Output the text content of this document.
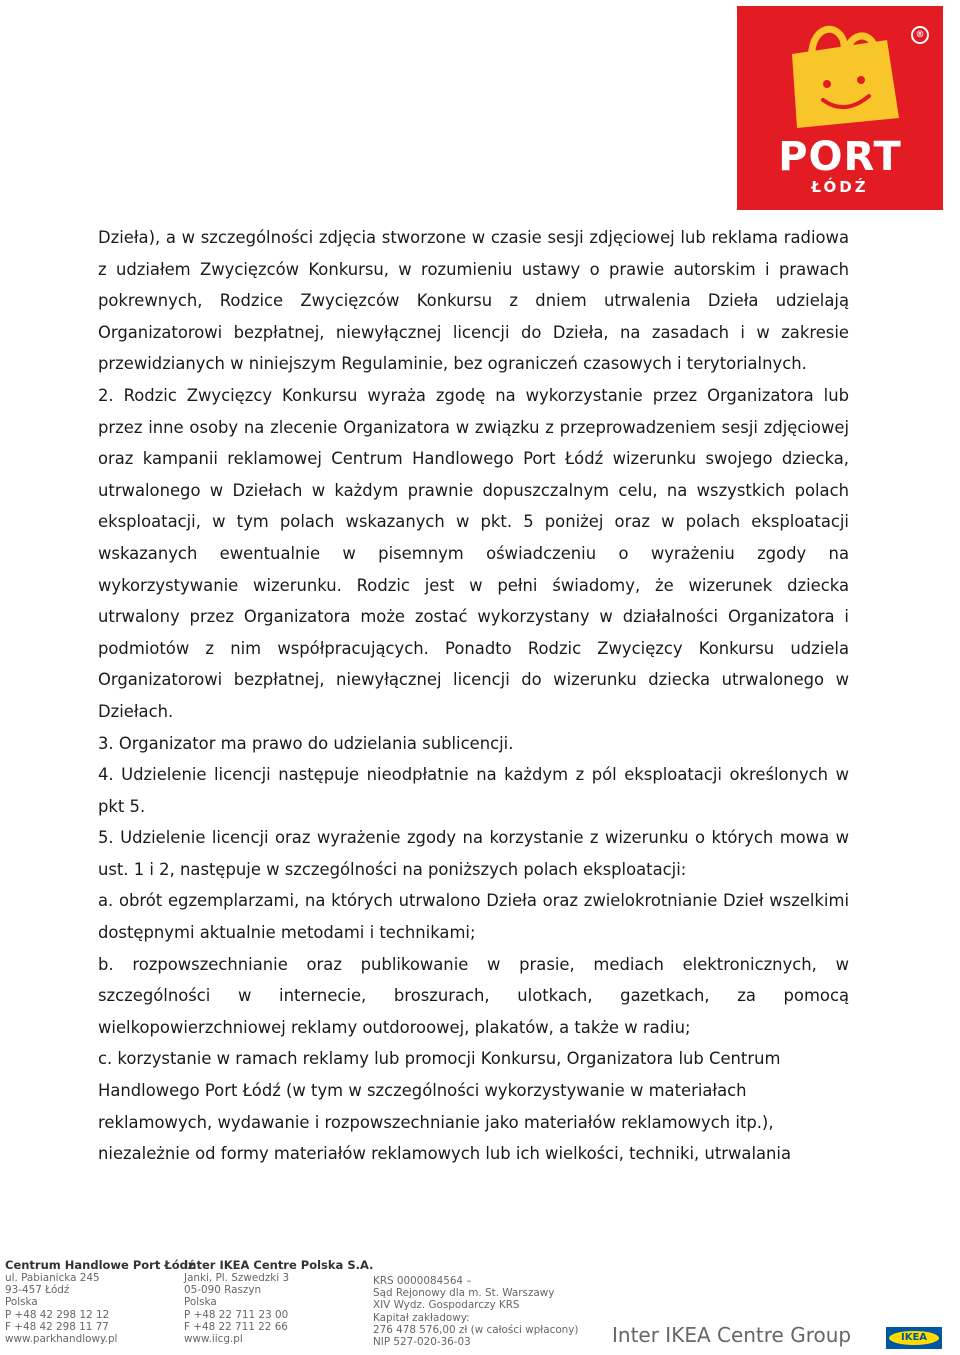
®
PORT
ŁÓDŹ

Dzieła), a w szczególności zdjęcia stworzone w czasie sesji zdjęciowej lub reklama radiowa z udziałem Zwycięzców Konkursu, w rozumieniu ustawy o prawie autorskim i prawach pokrewnych, Rodzice Zwycięzców Konkursu z dniem utrwalenia Dzieła udzielają Organizatorowi bezpłatnej, niewyłącznej licencji do Dzieła, na zasadach i w zakresie przewidzianych w niniejszym Regulaminie, bez ograniczeń czasowych i terytorialnych.

2. Rodzic Zwycięzcy Konkursu wyraża zgodę na wykorzystanie przez Organizatora lub przez inne osoby na zlecenie Organizatora w związku z przeprowadzeniem sesji zdjęciowej oraz kampanii reklamowej Centrum Handlowego Port Łódź wizerunku swojego dziecka, utrwalonego w Dziełach w każdym prawnie dopuszczalnym celu, na wszystkich polach eksploatacji, w tym polach wskazanych w pkt. 5 poniżej oraz w polach eksploatacji wskazanych ewentualnie w pisemnym oświadczeniu o wyrażeniu zgody na wykorzystywanie wizerunku. Rodzic jest w pełni świadomy, że wizerunek dziecka utrwalony przez Organizatora może zostać wykorzystany w działalności Organizatora i podmiotów z nim współpracujących. Ponadto Rodzic Zwycięzcy Konkursu udziela Organizatorowi bezpłatnej, niewyłącznej licencji do wizerunku dziecka utrwalonego w Dziełach.

3. Organizator ma prawo do udzielania sublicencji.

4. Udzielenie licencji następuje nieodpłatnie na każdym z pól eksploatacji określonych w pkt 5.

5. Udzielenie licencji oraz wyrażenie zgody na korzystanie z wizerunku o których mowa w ust. 1 i 2, następuje w szczególności na poniższych polach eksploatacji:

a. obrót egzemplarzami, na których utrwalono Dzieła oraz zwielokrotnianie Dzieł wszelkimi dostępnymi aktualnie metodami i technikami;

b. rozpowszechnianie oraz publikowanie w prasie, mediach elektronicznych, w szczególności w internecie, broszurach, ulotkach, gazetkach, za pomocą wielkopowierzchniowej reklamy outdoroowej, plakatów, a także w radiu;

c. korzystanie w ramach reklamy lub promocji Konkursu, Organizatora lub Centrum Handlowego Port Łódź (w tym w szczególności wykorzystywanie w materiałach reklamowych, wydawanie i rozpowszechnianie jako materiałów reklamowych itp.), niezależnie od formy materiałów reklamowych lub ich wielkości, techniki, utrwalania

Centrum Handlowe Port Łódź
ul. Pabianicka 245
93-457 Łódź
Polska
P +48 42 298 12 12
F +48 42 298 11 77
www.parkhandlowy.pl
Inter IKEA Centre Polska S.A.
Janki, Pl. Szwedzki 3
05-090 Raszyn
Polska
P +48 22 711 23 00
F +48 22 711 22 66
www.iicg.pl
KRS 0000084564 –
Sąd Rejonowy dla m. St. Warszawy
XIV Wydz. Gospodarczy KRS
Kapitał zakładowy:
276 478 576,00 zł (w całości wpłacony)
NIP 527-020-36-03	Inter IKEA Centre Group	IKEA
